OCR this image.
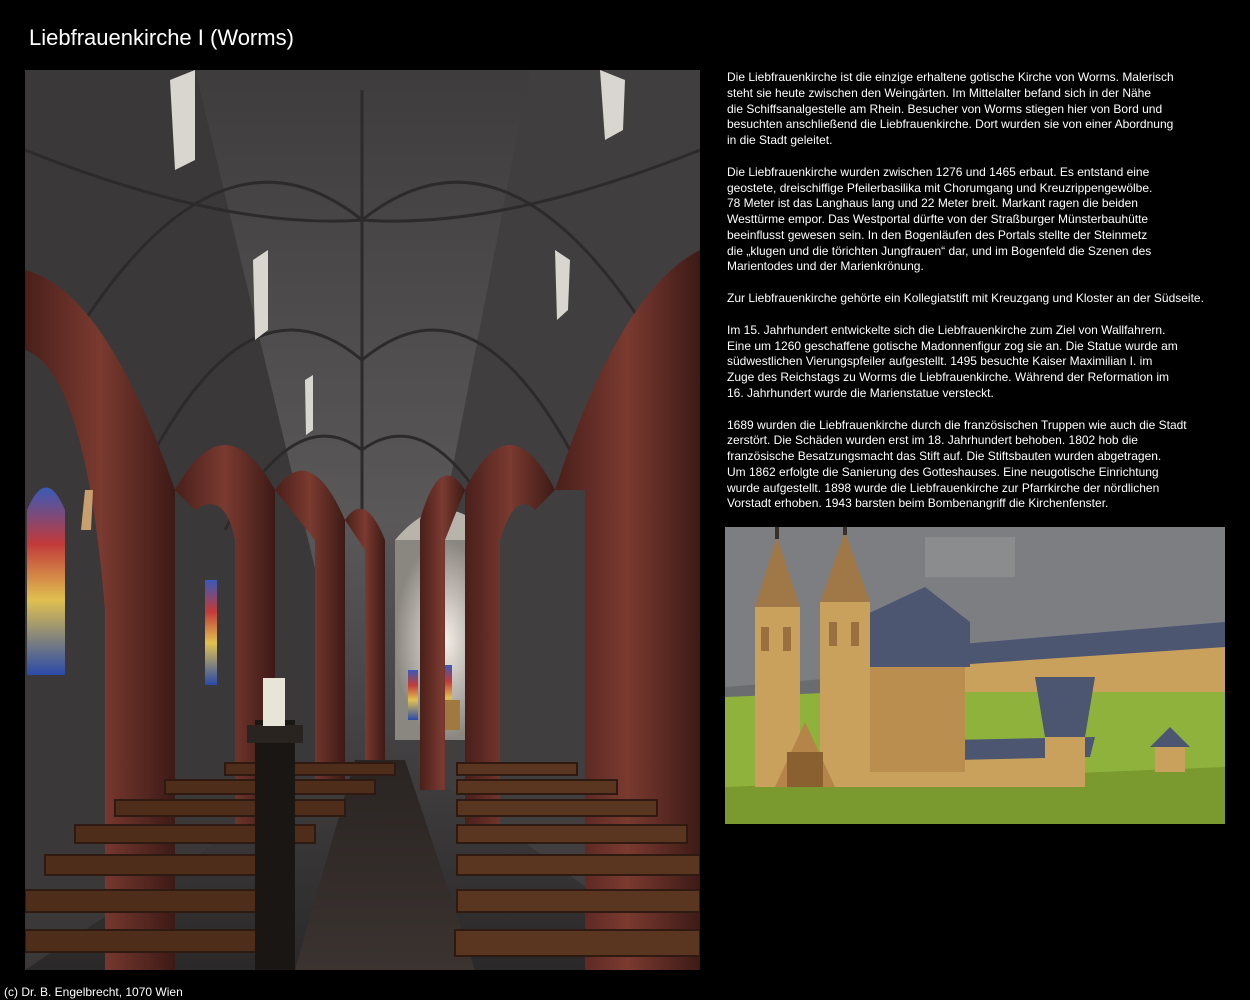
Liebfrauenkirche I (Worms)

Die Liebfrauenkirche ist die einzige erhaltene gotische Kirche von Worms. Malerisch
steht sie heute zwischen den Weingärten. Im Mittelalter befand sich in der Nähe
die Schiffsanalgestelle am Rhein. Besucher von Worms stiegen hier von Bord und
besuchten anschließend die Liebfrauenkirche. Dort wurden sie von einer Abordnung
in die Stadt geleitet.

Die Liebfrauenkirche wurden zwischen 1276 und 1465 erbaut. Es entstand eine
geostete, dreischiffige Pfeilerbasilika mit Chorumgang und Kreuzrippengewölbe.
78 Meter ist das Langhaus lang und 22 Meter breit. Markant ragen die beiden
Westtürme empor. Das Westportal dürfte von der Straßburger Münsterbauhütte
beeinflusst gewesen sein. In den Bogenläufen des Portals stellte der Steinmetz
die „klugen und die törichten Jungfrauen“ dar, und im Bogenfeld die Szenen des
Marientodes und der Marienkrönung.

Zur Liebfrauenkirche gehörte ein Kollegiatstift mit Kreuzgang und Kloster an der Südseite.

Im 15. Jahrhundert entwickelte sich die Liebfrauenkirche zum Ziel von Wallfahrern.
Eine um 1260 geschaffene gotische Madonnenfigur zog sie an. Die Statue wurde am
südwestlichen Vierungspfeiler aufgestellt. 1495 besuchte Kaiser Maximilian I. im
Zuge des Reichstags zu Worms die Liebfrauenkirche. Während der Reformation im
16. Jahrhundert wurde die Marienstatue versteckt.

1689 wurden die Liebfrauenkirche durch die französischen Truppen wie auch die Stadt
zerstört. Die Schäden wurden erst im 18. Jahrhundert behoben. 1802 hob die
französische Besatzungsmacht das Stift auf. Die Stiftsbauten wurden abgetragen.
Um 1862 erfolgte die Sanierung des Gotteshauses. Eine neugotische Einrichtung
wurde aufgestellt. 1898 wurde die Liebfrauenkirche zur Pfarrkirche der nördlichen
Vorstadt erhoben. 1943 barsten beim Bombenangriff die Kirchenfenster.

(c) Dr. B. Engelbrecht, 1070 Wien
